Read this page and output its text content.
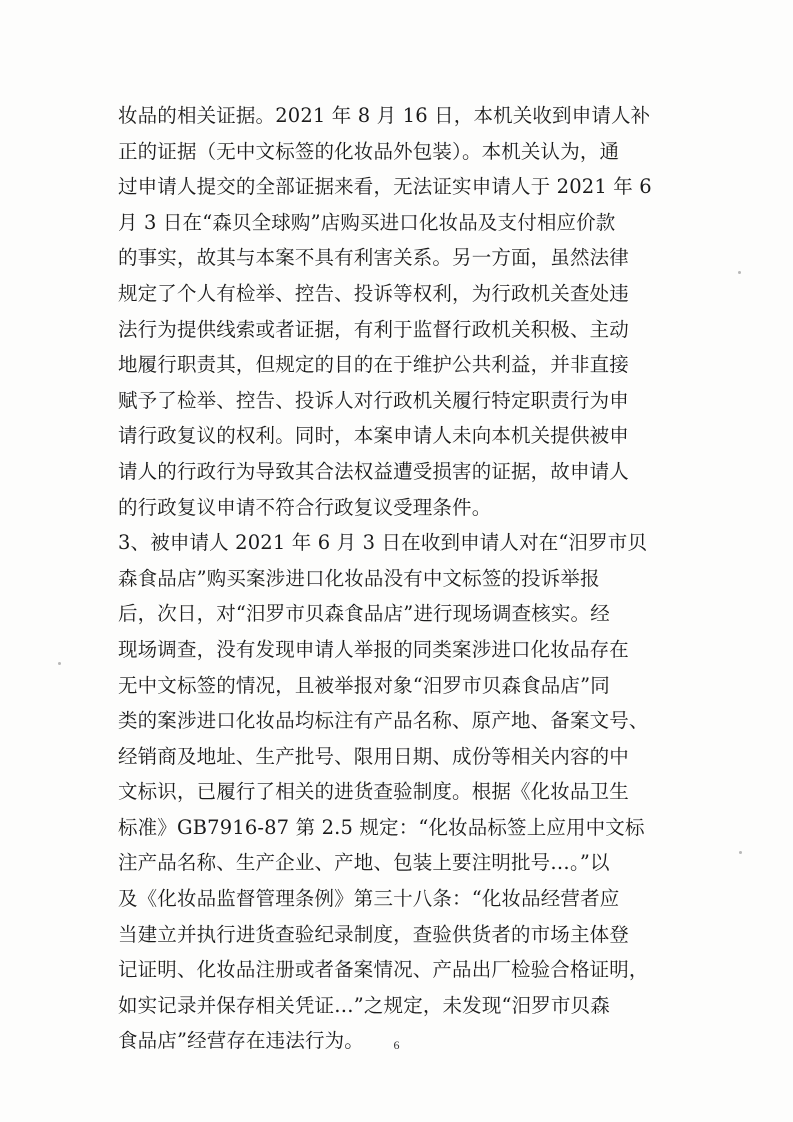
妆品的相关证据。2021 年 8 月 16 日，本机关收到申请人补
正的证据（无中文标签的化妆品外包装）。本机关认为，通
过申请人提交的全部证据来看，无法证实申请人于 2021 年 6
月 3 日在“森贝全球购”店购买进口化妆品及支付相应价款
的事实，故其与本案不具有利害关系。另一方面，虽然法律
规定了个人有检举、控告、投诉等权利，为行政机关查处违
法行为提供线索或者证据，有利于监督行政机关积极、主动
地履行职责其，但规定的目的在于维护公共利益，并非直接
赋予了检举、控告、投诉人对行政机关履行特定职责行为申
请行政复议的权利。同时，本案申请人未向本机关提供被申
请人的行政行为导致其合法权益遭受损害的证据，故申请人
的行政复议申请不符合行政复议受理条件。
3、被申请人 2021 年 6 月 3 日在收到申请人对在“汨罗市贝
森食品店”购买案涉进口化妆品没有中文标签的投诉举报
后，次日，对“汨罗市贝森食品店”进行现场调查核实。经
现场调查，没有发现申请人举报的同类案涉进口化妆品存在
无中文标签的情况，且被举报对象“汨罗市贝森食品店”同
类的案涉进口化妆品均标注有产品名称、原产地、备案文号、
经销商及地址、生产批号、限用日期、成份等相关内容的中
文标识，已履行了相关的进货查验制度。根据《化妆品卫生
标准》GB7916-87 第 2.5 规定：“化妆品标签上应用中文标
注产品名称、生产企业、产地、包装上要注明批号…。”以
及《化妆品监督管理条例》第三十八条：“化妆品经营者应
当建立并执行进货查验纪录制度，查验供货者的市场主体登
记证明、化妆品注册或者备案情况、产品出厂检验合格证明，
如实记录并保存相关凭证…”之规定，未发现“汨罗市贝森
食品店”经营存在违法行为。	6
